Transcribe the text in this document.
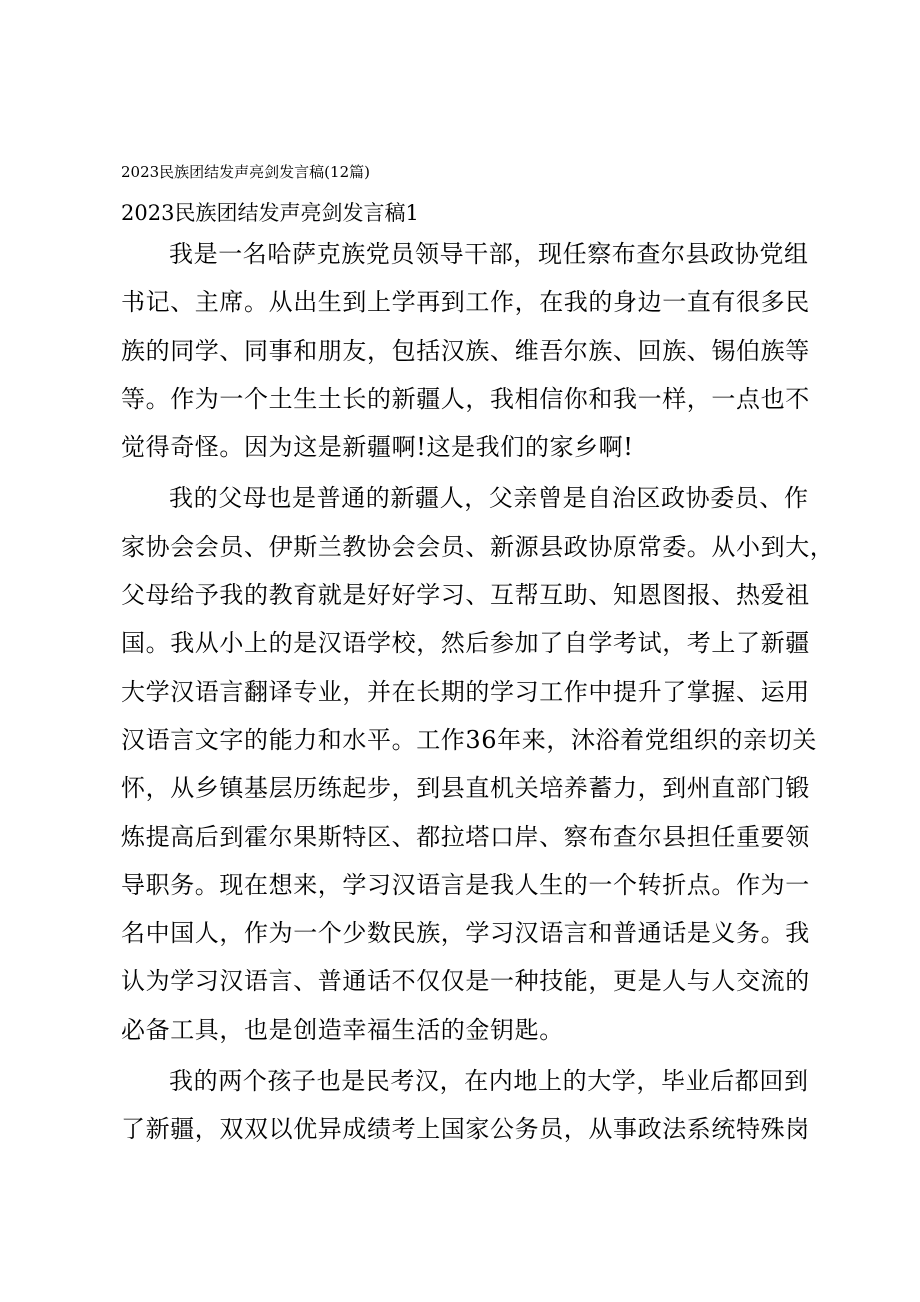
2023民族团结发声亮剑发言稿(12篇)
2023民族团结发声亮剑发言稿1
我是一名哈萨克族党员领导干部，现任察布查尔县政协党组
书记、主席。从出生到上学再到工作，在我的身边一直有很多民
族的同学、同事和朋友，包括汉族、维吾尔族、回族、锡伯族等
等。作为一个土生土长的新疆人，我相信你和我一样，一点也不
觉得奇怪。因为这是新疆啊!这是我们的家乡啊!
我的父母也是普通的新疆人，父亲曾是自治区政协委员、作
家协会会员、伊斯兰教协会会员、新源县政协原常委。从小到大，
父母给予我的教育就是好好学习、互帮互助、知恩图报、热爱祖
国。我从小上的是汉语学校，然后参加了自学考试，考上了新疆
大学汉语言翻译专业，并在长期的学习工作中提升了掌握、运用
汉语言文字的能力和水平。工作36年来，沐浴着党组织的亲切关
怀，从乡镇基层历练起步，到县直机关培养蓄力，到州直部门锻
炼提高后到霍尔果斯特区、都拉塔口岸、察布查尔县担任重要领
导职务。现在想来，学习汉语言是我人生的一个转折点。作为一
名中国人，作为一个少数民族，学习汉语言和普通话是义务。我
认为学习汉语言、普通话不仅仅是一种技能，更是人与人交流的
必备工具，也是创造幸福生活的金钥匙。
我的两个孩子也是民考汉，在内地上的大学，毕业后都回到
了新疆，双双以优异成绩考上国家公务员，从事政法系统特殊岗
